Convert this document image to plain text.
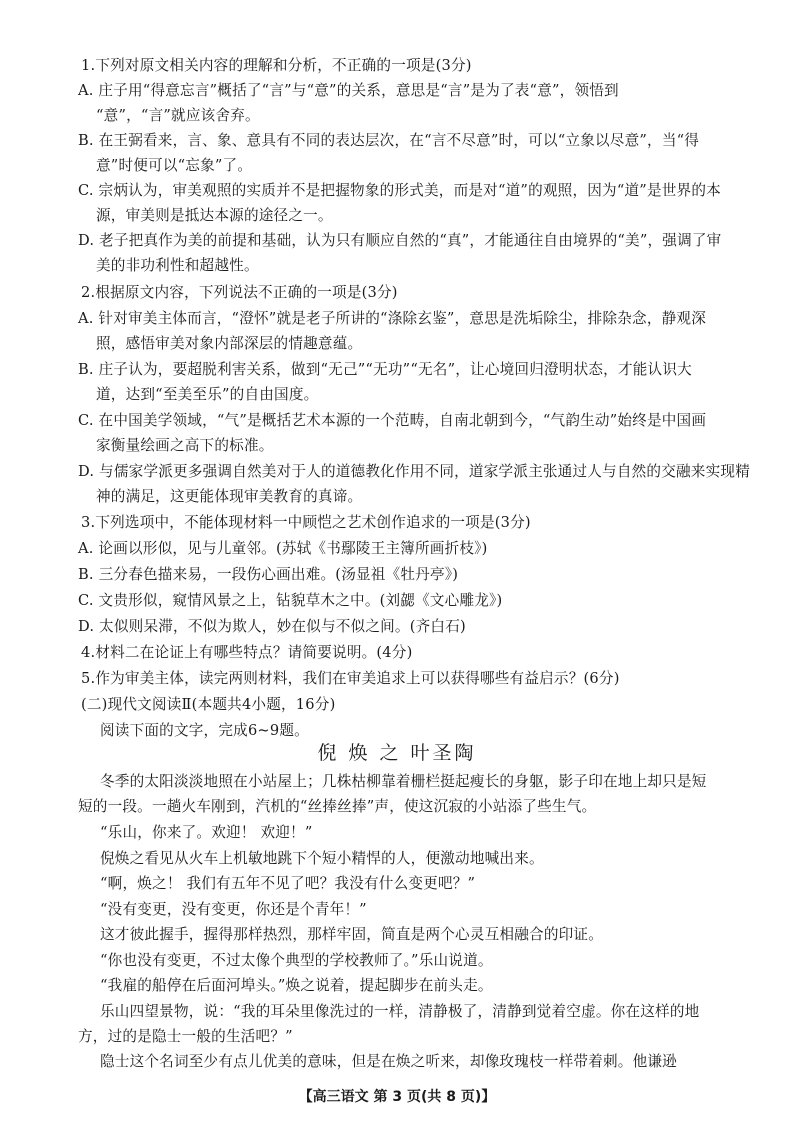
1.下列对原文相关内容的理解和分析，不正确的一项是(3分)
A. 庄子用“得意忘言”概括了“言”与“意”的关系，意思是“言”是为了表“意”，领悟到
“意”，“言”就应该舍弃。
B. 在王弼看来，言、象、意具有不同的表达层次，在“言不尽意”时，可以“立象以尽意”，当“得
意”时便可以“忘象”了。
C. 宗炳认为，审美观照的实质并不是把握物象的形式美，而是对“道”的观照，因为“道”是世界的本
源，审美则是抵达本源的途径之一。
D. 老子把真作为美的前提和基础，认为只有顺应自然的“真”，才能通往自由境界的“美”，强调了审
美的非功利性和超越性。
2.根据原文内容，下列说法不正确的一项是(3分)
A. 针对审美主体而言，“澄怀”就是老子所讲的“涤除玄鉴”，意思是洗垢除尘，排除杂念，静观深
照，感悟审美对象内部深层的情趣意蕴。
B. 庄子认为，要超脱利害关系，做到“无己”“无功”“无名”，让心境回归澄明状态，才能认识大
道，达到“至美至乐”的自由国度。
C. 在中国美学领域，“气”是概括艺术本源的一个范畴，自南北朝到今，“气韵生动”始终是中国画
家衡量绘画之高下的标准。
D. 与儒家学派更多强调自然美对于人的道德教化作用不同，道家学派主张通过人与自然的交融来实现精
神的满足，这更能体现审美教育的真谛。
3.下列选项中，不能体现材料一中顾恺之艺术创作追求的一项是(3分)
A. 论画以形似，见与儿童邻。(苏轼《书鄢陵王主簿所画折枝》)
B. 三分春色描来易，一段伤心画出难。(汤显祖《牡丹亭》)
C. 文贵形似，窥情风景之上，钻貌草木之中。(刘勰《文心雕龙》)
D. 太似则呆滞，不似为欺人，妙在似与不似之间。(齐白石)
4.材料二在论证上有哪些特点？请简要说明。(4分)
5.作为审美主体，读完两则材料，我们在审美追求上可以获得哪些有益启示？(6分)
(二)现代文阅读Ⅱ(本题共4小题，16分)
阅读下面的文字，完成6~9题。
倪 焕 之 叶圣陶
冬季的太阳淡淡地照在小站屋上；几株枯柳靠着栅栏挺起瘦长的身躯，影子印在地上却只是短
短的一段。一趟火车刚到，汽机的“丝捧丝捧”声，使这沉寂的小站添了些生气。
“乐山，你来了。欢迎！ 欢迎！”
倪焕之看见从火车上机敏地跳下个短小精悍的人，便激动地喊出来。
“啊，焕之！ 我们有五年不见了吧？我没有什么变更吧？”
“没有变更，没有变更，你还是个青年！”
这才彼此握手，握得那样热烈，那样牢固，简直是两个心灵互相融合的印证。
“你也没有变更，不过太像个典型的学校教师了。”乐山说道。
“我雇的船停在后面河埠头。”焕之说着，提起脚步在前头走。
乐山四望景物，说：“我的耳朵里像洗过的一样，清静极了，清静到觉着空虚。你在这样的地
方，过的是隐士一般的生活吧？”
隐士这个名词至少有点儿优美的意味，但是在焕之听来，却像玫瑰枝一样带着刺。他谦逊
【高三语文 第 3 页(共 8 页)】
